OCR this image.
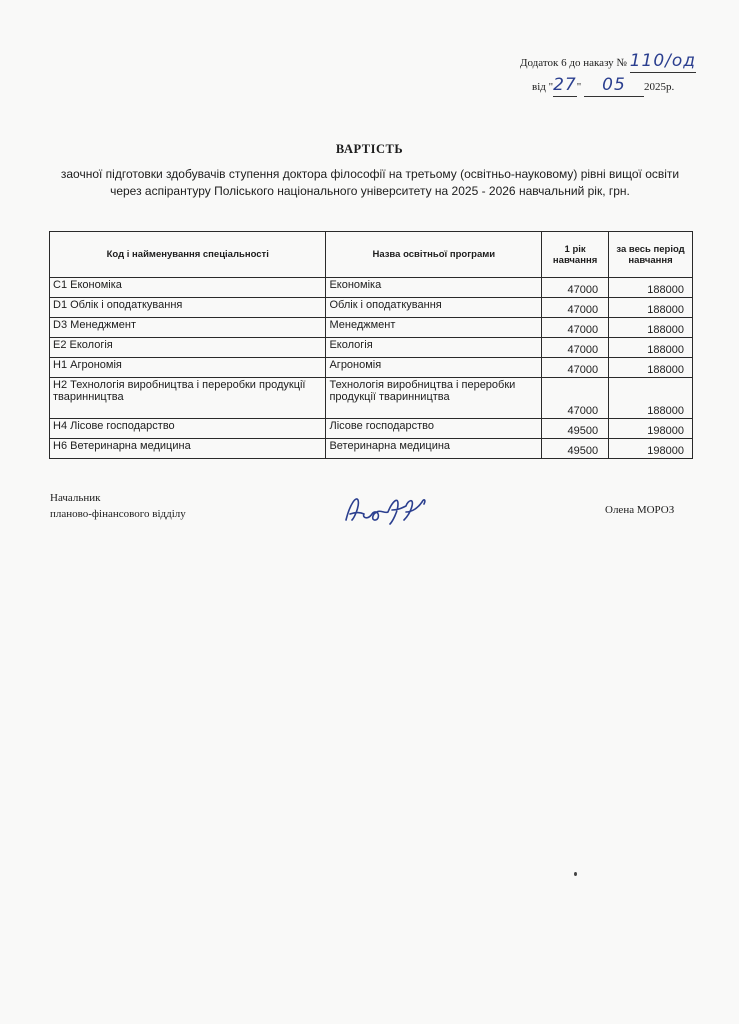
Додаток 6 до наказу № 110/од
від "27" 05 2025р.
ВАРТІСТЬ
заочної підготовки здобувачів ступення доктора філософії на третьому (освітньо-науковому) рівні вищої освіти
через аспірантуру Поліського національного університету на 2025 - 2026 навчальний рік, грн.
Код і найменування спеціальності	Назва освітньої програми	1 рік навчання	за весь період навчання
С1 Економіка	Економіка	47000	188000
D1 Облік і оподаткування	Облік і оподаткування	47000	188000
D3 Менеджмент	Менеджмент	47000	188000
Е2 Екологія	Екологія	47000	188000
Н1 Агрономія	Агрономія	47000	188000
Н2 Технологія виробництва і переробки продукції тваринництва	Технологія виробництва і переробки продукції тваринництва	47000	188000
Н4 Лісове господарство	Лісове господарство	49500	198000
Н6 Ветеринарна медицина	Ветеринарна медицина	49500	198000
Начальник
планово-фінансового відділу	Олена МОРОЗ
